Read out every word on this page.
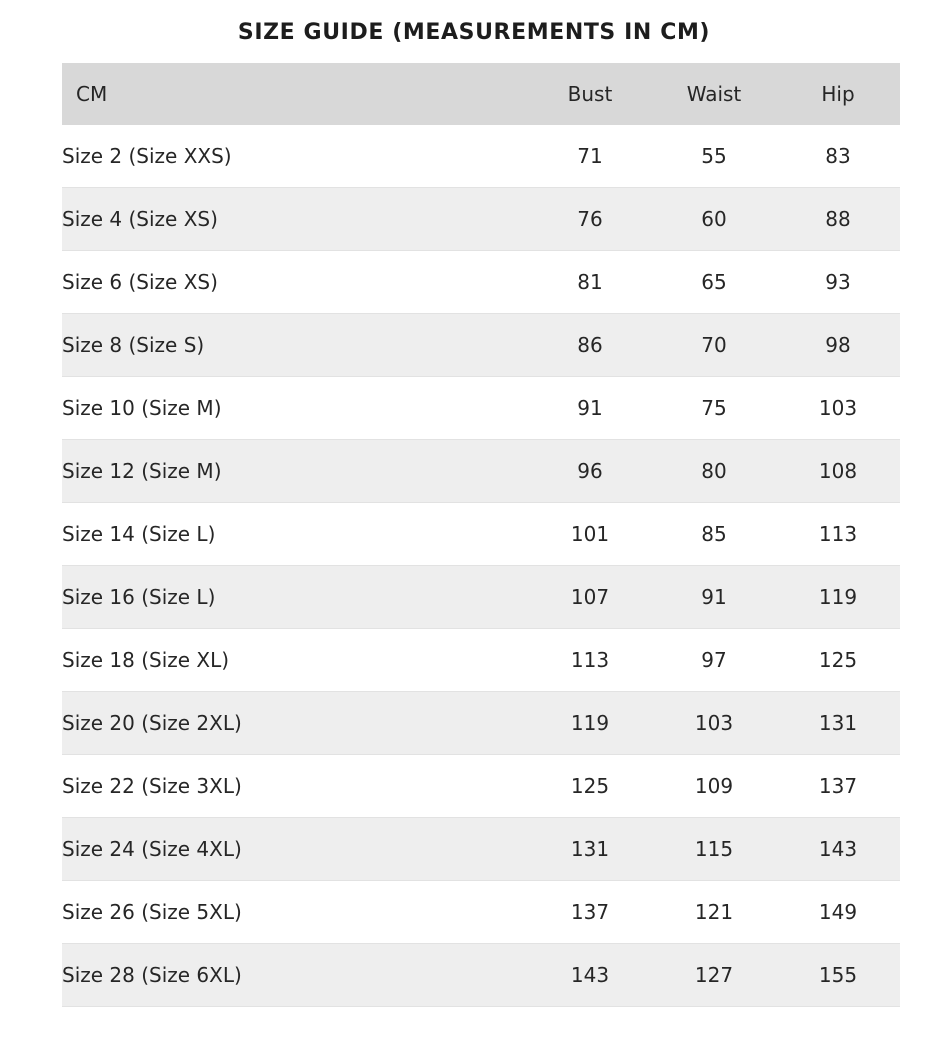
SIZE GUIDE (MEASUREMENTS IN CM)
CM	Bust	Waist	Hip
Size 2 (Size XXS)	71	55	83
Size 4 (Size XS)	76	60	88
Size 6 (Size XS)	81	65	93
Size 8 (Size S)	86	70	98
Size 10 (Size M)	91	75	103
Size 12 (Size M)	96	80	108
Size 14 (Size L)	101	85	113
Size 16 (Size L)	107	91	119
Size 18 (Size XL)	113	97	125
Size 20 (Size 2XL)	119	103	131
Size 22 (Size 3XL)	125	109	137
Size 24 (Size 4XL)	131	115	143
Size 26 (Size 5XL)	137	121	149
Size 28 (Size 6XL)	143	127	155
